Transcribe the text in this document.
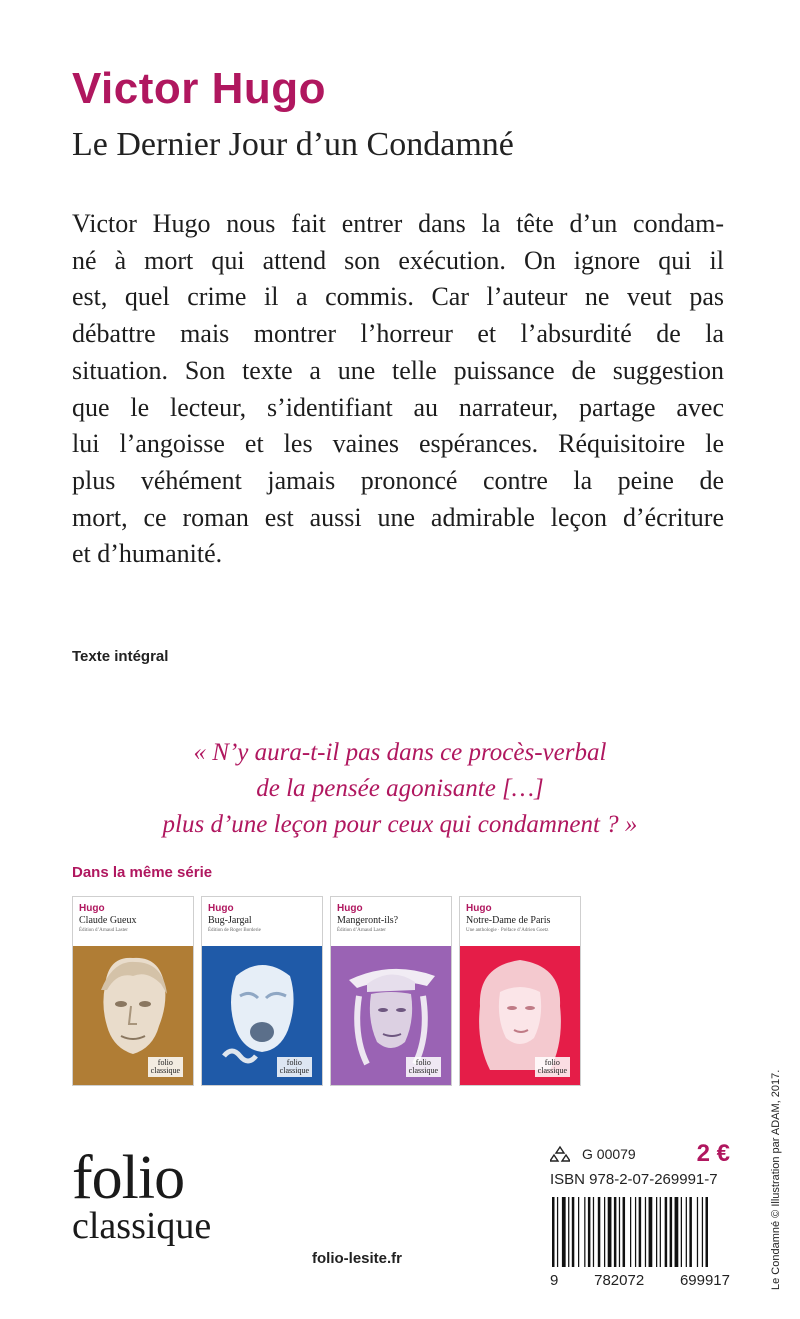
Victor Hugo
Le Dernier Jour d’un Condamné
Victor Hugo nous fait entrer dans la tête d’un condam-
né à mort qui attend son exécution. On ignore qui il
est, quel crime il a commis. Car l’auteur ne veut pas
débattre mais montrer l’horreur et l’absurdité de la
situation. Son texte a une telle puissance de suggestion
que le lecteur, s’identifiant au narrateur, partage avec
lui l’angoisse et les vaines espérances. Réquisitoire le
plus véhément jamais prononcé contre la peine de
mort, ce roman est aussi une admirable leçon d’écriture
et d’humanité.
Texte intégral
« N’y aura-t-il pas dans ce procès-verbal
de la pensée agonisante […]
plus d’une leçon pour ceux qui condamnent ? »
Dans la même série
Hugo
Claude Gueux
Édition d’Arnaud Laster
folio
classique
Hugo
Bug-Jargal
Édition de Roger Borderie
folio
classique
Hugo
Mangeront-ils?
Édition d’Arnaud Laster
folio
classique
Hugo
Notre-Dame de Paris
Une anthologie · Préface d’Adrien Goetz
folio
classique
folio
classique
folio-lesite.fr
G 00079	2 €
ISBN 978-2-07-269991-7
9 782072 699917	Le Condamné © Illustration par ADAM, 2017.
